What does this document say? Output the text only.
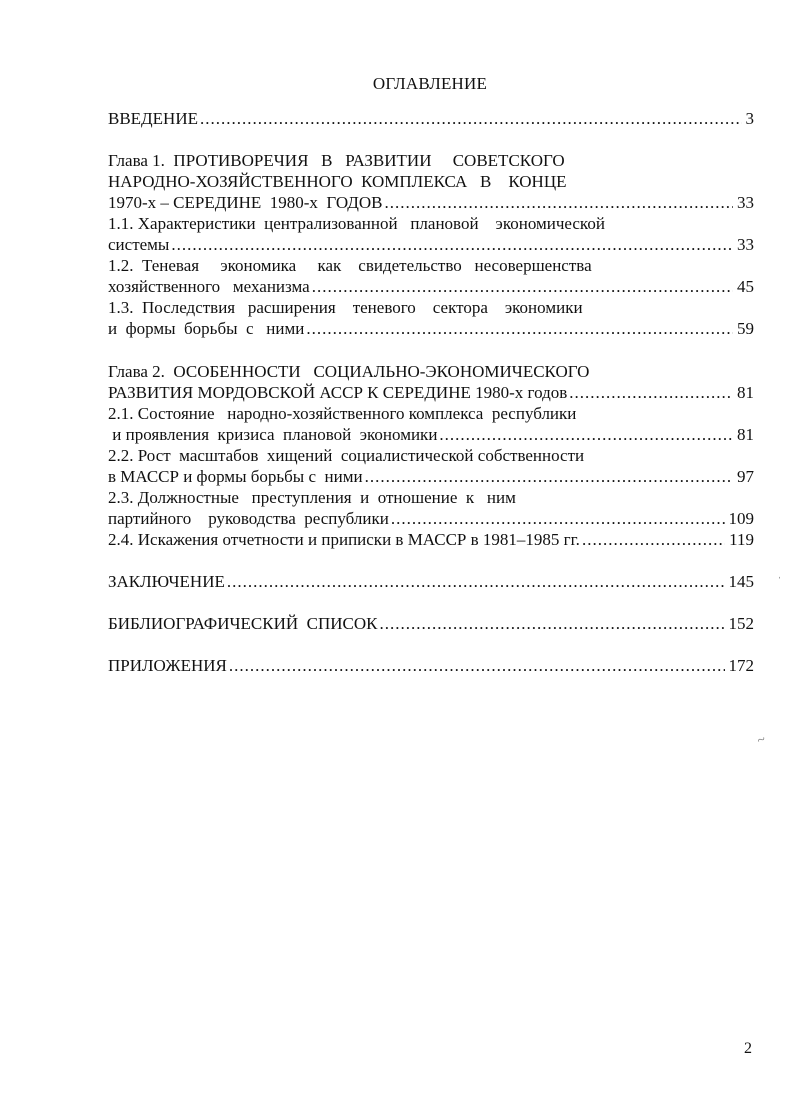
ОГЛАВЛЕНИЕ
ВВЕДЕНИЕ .....	3
Глава 1.  ПРОТИВОРЕЧИЯ   В   РАЗВИТИИ     СОВЕТСКОГО
НАРОДНО-ХОЗЯЙСТВЕННОГО  КОМПЛЕКСА   В    КОНЦЕ
1970-х – СЕРЕДИНЕ  1980-х  ГОДОВ .....	33
1.1. Характеристики  централизованной   плановой    экономической
системы .....	33
1.2.  Теневая     экономика     как    свидетельство   несовершенства
хозяйственного   механизма .....	45
1.3.  Последствия   расширения    теневого    сектора    экономики
и  формы  борьбы  с   ними .....	59
Глава 2.  ОСОБЕННОСТИ   СОЦИАЛЬНО-ЭКОНОМИЧЕСКОГО
РАЗВИТИЯ МОРДОВСКОЙ АССР К СЕРЕДИНЕ 1980-х годов .....	81
2.1. Состояние   народно-хозяйственного комплекса  республики
и проявления  кризиса  плановой  экономики .....	81
2.2. Рост  масштабов  хищений  социалистической собственности
в МАССР и формы борьбы с  ними .....	97
2.3. Должностные   преступления  и  отношение  к   ним
партийного    руководства  республики .....	109
2.4. Искажения отчетности и приписки в МАССР в 1981–1985 гг. .....	119
ЗАКЛЮЧЕНИЕ .....	145
БИБЛИОГРАФИЧЕСКИЙ  СПИСОК .....	152
ПРИЛОЖЕНИЯ .....	172
ˌ
~
2
